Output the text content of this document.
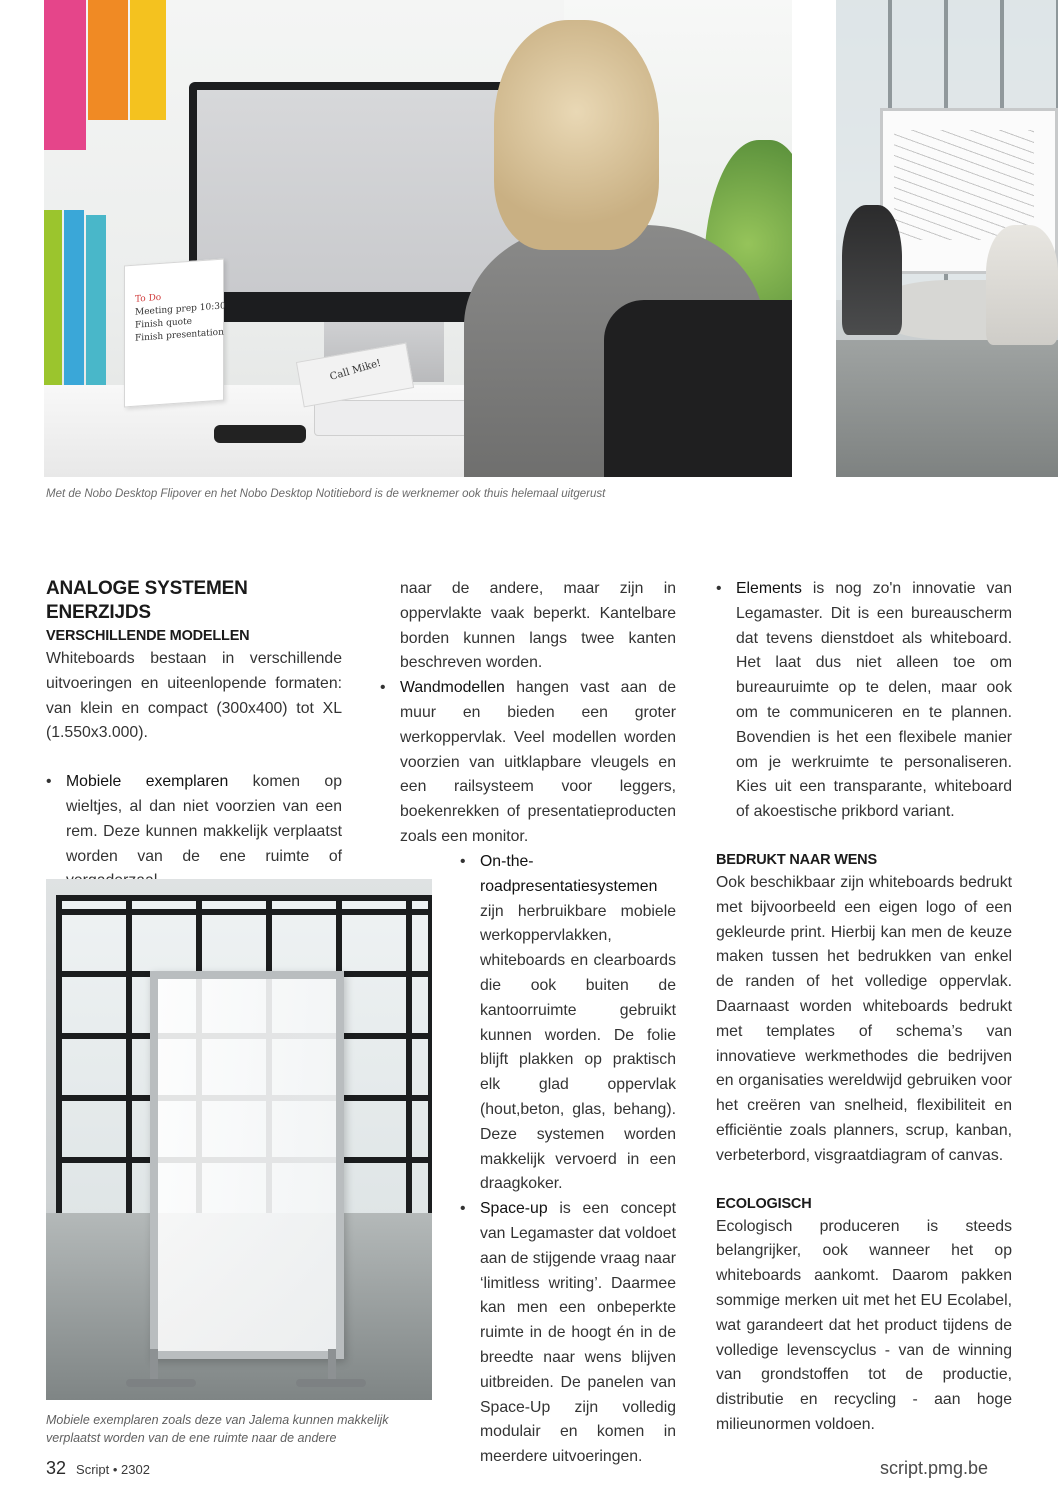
To Do
Meeting prep 10:30
Finish quote
Finish presentation
Call Mike!
Met de Nobo Desktop Flipover en het Nobo Desktop Notitiebord is de werknemer ook thuis helemaal uitgerust
ANALOGE SYSTEMEN ENERZIJDS
VERSCHILLENDE MODELLEN

Whiteboards bestaan in verschillende uitvoeringen en uiteenlopende formaten: van klein en compact (300x400) tot XL (1.550x3.000).

• Mobiele exemplaren komen op wieltjes, al dan niet voorzien van een rem. Deze kunnen makkelijk verplaatst worden van de ene ruimte of

Mobiele exemplaren zoals deze van Jalema kunnen makkelijk verplaatst worden van de ene ruimte naar de andere

naar de andere, maar zijn in oppervlakte vaak beperkt. Kantelbare borden kunnen langs twee kanten beschreven worden.

• Wandmodellen hangen vast aan de muur en bieden een groter werkoppervlak. Veel modellen worden voorzien van uitklapbare vleugels en een railsysteem voor leggers, boekenrekken of presentatieproducten zoals een monitor.

• On-the-roadpresentatiesystemen zijn herbruikbare mobiele werkoppervlakken, whiteboards en clearboards die ook buiten de kantoorruimte gebruikt kunnen worden. De folie blijft plakken op praktisch elk glad oppervlak (hout,beton, glas, behang). Deze systemen worden makkelijk vervoerd in een draagkoker.

• Space-up is een concept van Legamaster dat voldoet aan de stijgende vraag naar ‘limitless writing’. Daarmee kan men een onbeperkte ruimte in de hoogt én in de breedte naar wens blijven uitbreiden. De panelen van Space-Up zijn volledig modulair en komen in meerdere uitvoeringen.

• Elements is nog zo'n innovatie van Legamaster. Dit is een bureauscherm dat tevens dienstdoet als whiteboard. Het laat dus niet alleen toe om bureauruimte op te delen, maar ook om te communiceren en te plannen. Bovendien is het een flexibele manier om je werkruimte te personaliseren. Kies uit een transparante, whiteboard of akoestische prikbord variant.

BEDRUKT NAAR WENS

Ook beschikbaar zijn whiteboards bedrukt met bijvoorbeeld een eigen logo of een gekleurde print. Hierbij kan men de keuze maken tussen het bedrukken van enkel de randen of het volledige oppervlak. Daarnaast worden whiteboards bedrukt met templates of schema’s van innovatieve werkmethodes die bedrijven en organisaties wereldwijd gebruiken voor het creëren van snelheid, flexibiliteit en efficiëntie zoals planners, scrup, kanban, verbeterbord, visgraatdiagram of canvas.

ECOLOGISCH

Ecologisch produceren is steeds belangrijker, ook wanneer het op whiteboards aankomt. Daarom pakken sommige merken uit met het EU Ecolabel, wat garandeert dat het product tijdens de volledige levenscyclus - van de winning van grondstoffen tot de productie, distributie en recycling - aan hoge milieunormen voldoen.

32 Script • 2302	script.pmg.be
